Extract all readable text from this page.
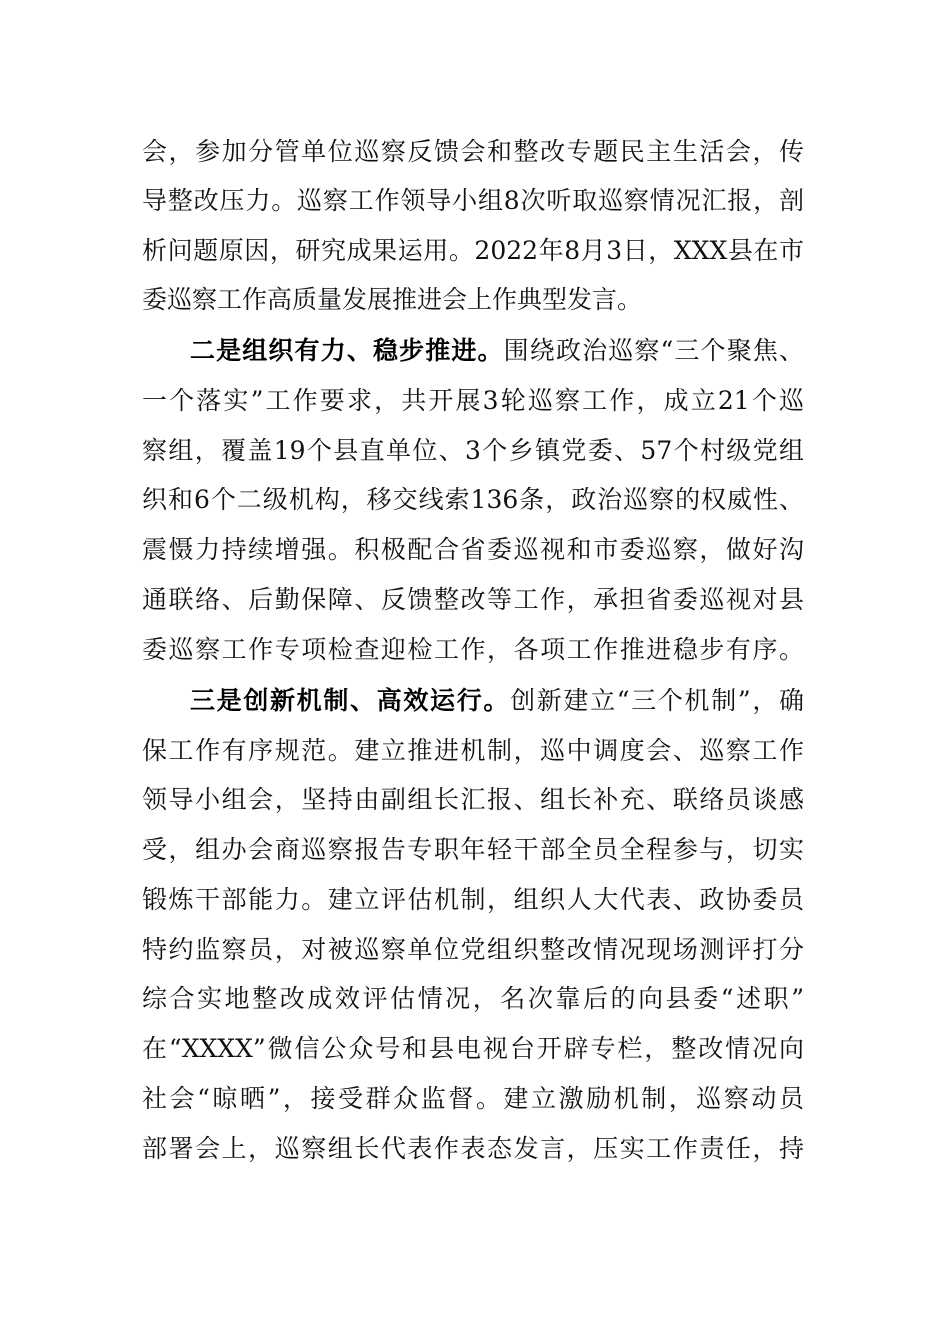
会，参加分管单位巡察反馈会和整改专题民主生活会，传
导整改压力。巡察工作领导小组8次听取巡察情况汇报，剖
析问题原因，研究成果运用。2022年8月3日，XXX县在市
委巡察工作高质量发展推进会上作典型发言。
二是组织有力、稳步推进。围绕政治巡察“三个聚焦、
一个落实”工作要求，共开展3轮巡察工作，成立21个巡
察组，覆盖19个县直单位、3个乡镇党委、57个村级党组
织和6个二级机构，移交线索136条，政治巡察的权威性、
震慑力持续增强。积极配合省委巡视和市委巡察，做好沟
通联络、后勤保障、反馈整改等工作，承担省委巡视对县
委巡察工作专项检查迎检工作，各项工作推进稳步有序。
三是创新机制、高效运行。创新建立“三个机制”，确
保工作有序规范。建立推进机制，巡中调度会、巡察工作
领导小组会，坚持由副组长汇报、组长补充、联络员谈感
受，组办会商巡察报告专职年轻干部全员全程参与，切实
锻炼干部能力。建立评估机制，组织人大代表、政协委员
特约监察员，对被巡察单位党组织整改情况现场测评打分
综合实地整改成效评估情况，名次靠后的向县委“述职”
在“XXXX”微信公众号和县电视台开辟专栏，整改情况向
社会“晾晒”，接受群众监督。建立激励机制，巡察动员
部署会上，巡察组长代表作表态发言，压实工作责任，持
